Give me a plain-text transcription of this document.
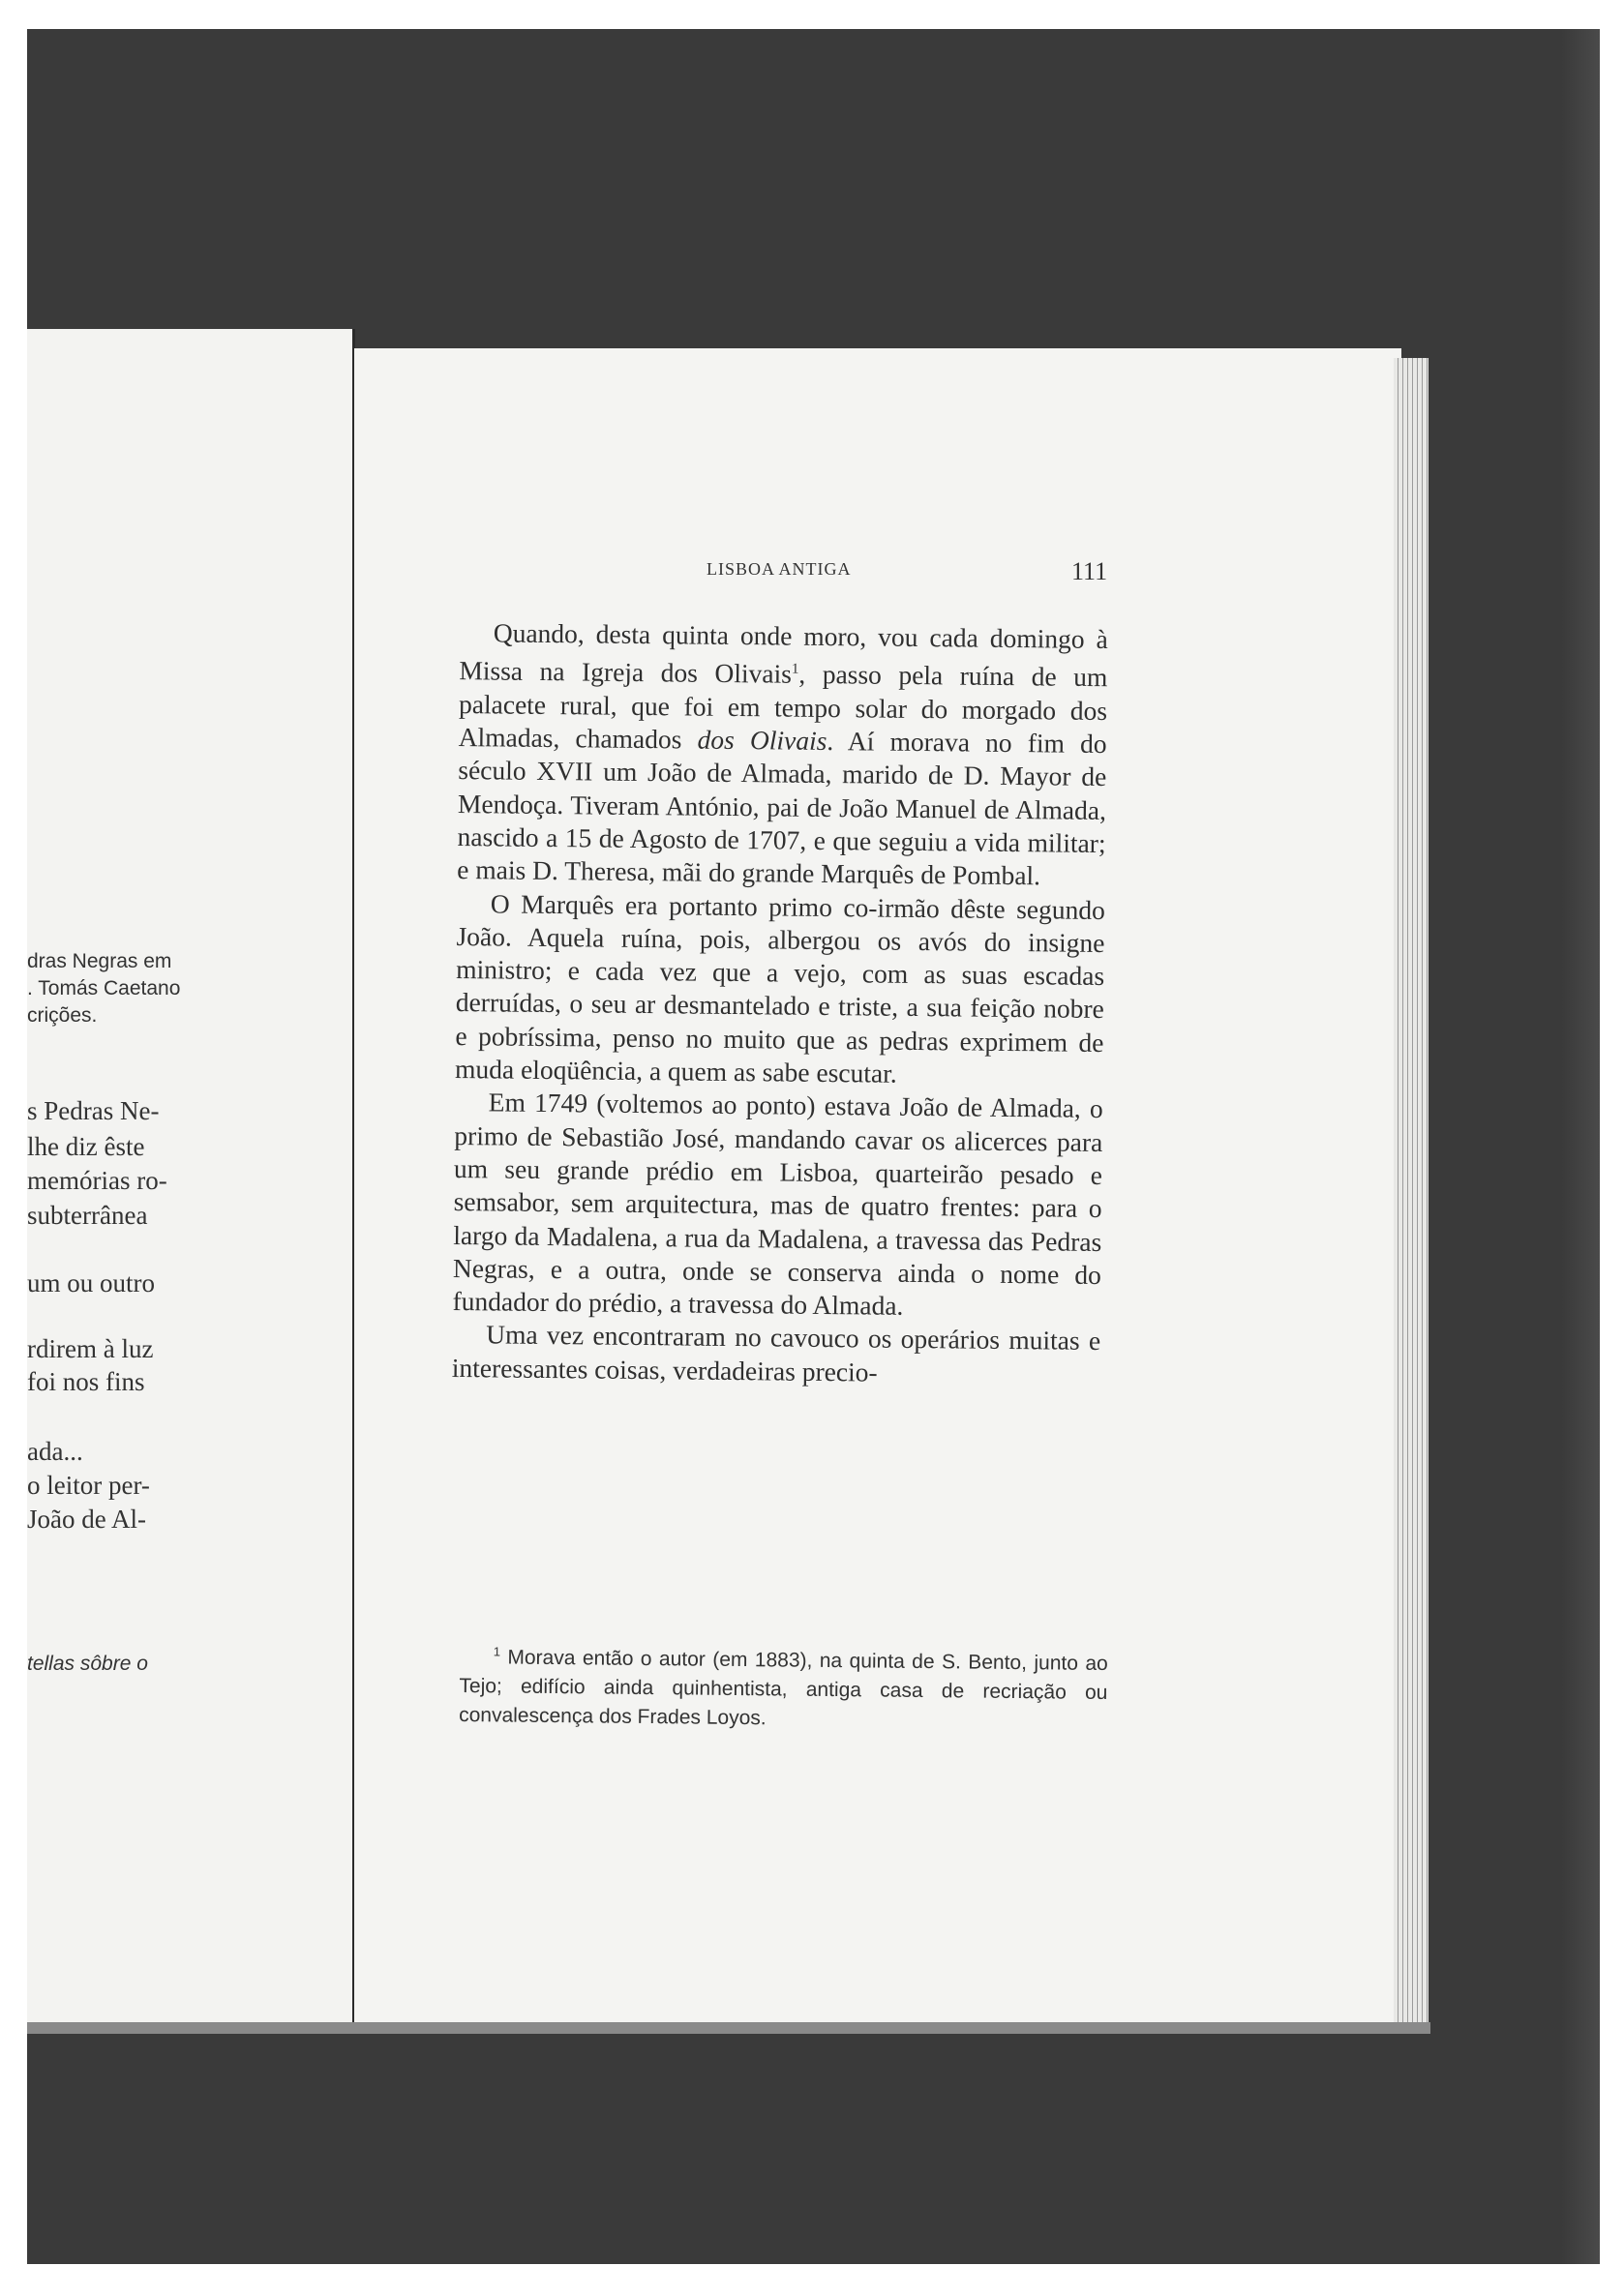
dras Negras em
. Tomás Caetano
crições.
s Pedras Ne-
lhe diz êste
memórias ro-
subterrânea
um ou outro
rdirem à luz
foi nos fins
ada...
o leitor per-
João de Al-
tellas sôbre o
LISBOA ANTIGA	111

Quando, desta quinta onde moro, vou cada domingo à Missa na Igreja dos Olivais$^1$, passo pela ruína de um palacete rural, que foi em tempo solar do morgado dos Almadas, chamados dos Olivais. Aí morava no fim do século XVII um João de Almada, marido de D. Mayor de Mendoça. Tiveram António, pai de João Manuel de Almada, nascido a 15 de Agosto de 1707, e que seguiu a vida militar; e mais D. Theresa, mãi do grande Marquês de Pombal.

O Marquês era portanto primo co-irmão dêste segundo João. Aquela ruína, pois, albergou os avós do insigne ministro; e cada vez que a vejo, com as suas escadas derruídas, o seu ar desmantelado e triste, a sua feição nobre e pobríssima, penso no muito que as pedras exprimem de muda eloqüência, a quem as sabe escutar.

Em 1749 (voltemos ao ponto) estava João de Almada, o primo de Sebastião José, mandando cavar os alicerces para um seu grande prédio em Lisboa, quarteirão pesado e semsabor, sem arquitectura, mas de quatro frentes: para o largo da Madalena, a rua da Madalena, a travessa das Pedras Negras, e a outra, onde se conserva ainda o nome do fundador do prédio, a travessa do Almada.

Uma vez encontraram no cavouco os operários muitas e interessantes coisas, verdadeiras precio-

$^1$ Morava então o autor (em 1883), na quinta de S. Bento, junto ao Tejo; edifício ainda quinhentista, antiga casa de recriação ou convalescença dos Frades Loyos.
